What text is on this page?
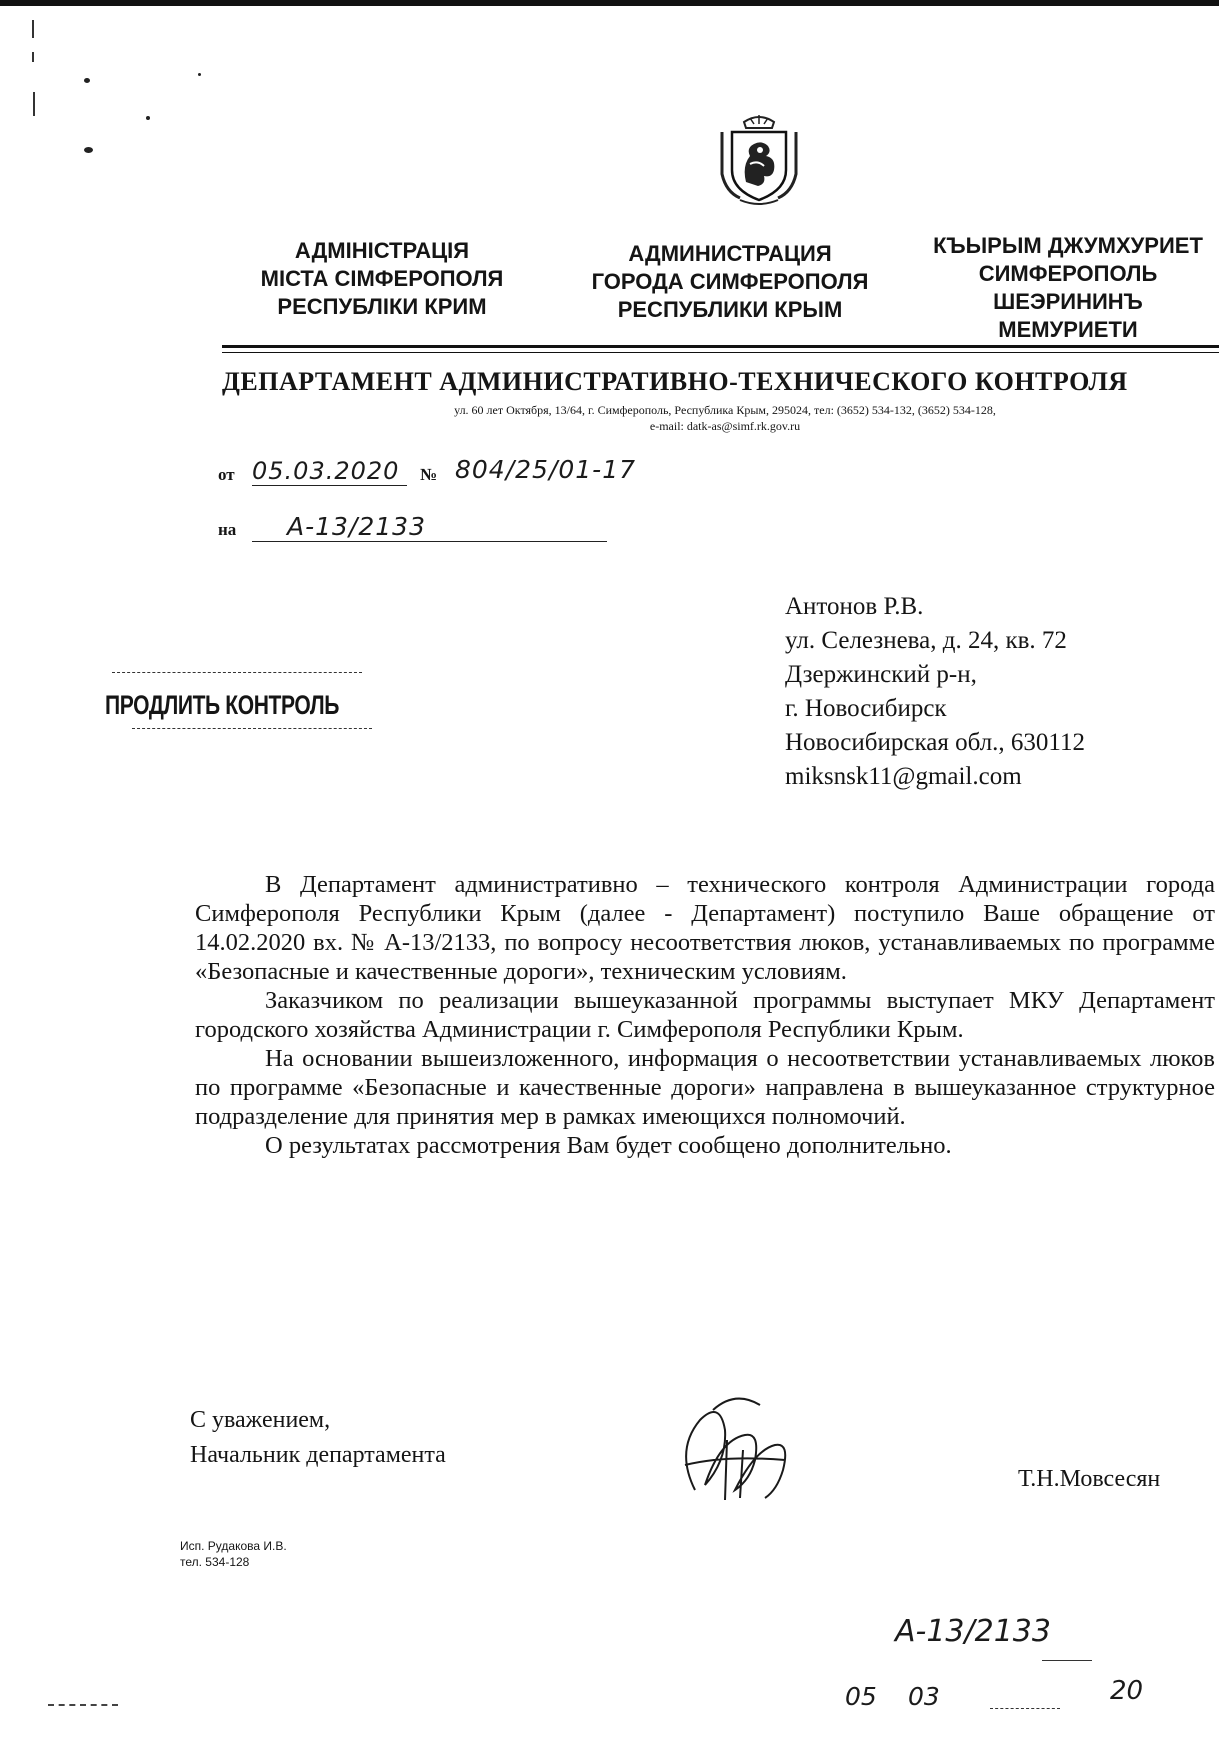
АДМІНІСТРАЦІЯ
МІСТА СІМФЕРОПОЛЯ
РЕСПУБЛІКИ КРИМ
АДМИНИСТРАЦИЯ
ГОРОДА СИМФЕРОПОЛЯ
РЕСПУБЛИКИ КРЫМ
КЪЫРЫМ ДЖУМХУРИЕТ
СИМФЕРОПОЛЬ
ШЕЭРИНИНЪ
МЕМУРИЕТИ
ДЕПАРТАМЕНТ АДМИНИСТРАТИВНО-ТЕХНИЧЕСКОГО КОНТРОЛЯ
ул. 60 лет Октября, 13/64, г. Симферополь, Республика Крым, 295024, тел: (3652) 534-132, (3652) 534-128,
e-mail: datk-as@simf.rk.gov.ru
от 05.03.2020	№ 804/25/01-17
на	А-13/2133
Антонов Р.В.
ул. Селезнева, д. 24, кв. 72
Дзержинский р-н,
г. Новосибирск
Новосибирская обл., 630112
miksnsk11@gmail.com
ПРОДЛИТЬ КОНТРОЛЬ

В Департамент административно – технического контроля Администрации города Симферополя Республики Крым (далее - Департамент) поступило Ваше обращение от 14.02.2020 вх. № А-13/2133, по вопросу несоответствия люков, устанавливаемых по программе «Безопасные и качественные дороги», техническим условиям.

Заказчиком по реализации вышеуказанной программы выступает МКУ Департамент городского хозяйства Администрации г. Симферополя Республики Крым.

На основании вышеизложенного, информация о несоответствии устанавливаемых люков по программе «Безопасные и качественные дороги» направлена в вышеуказанное структурное подразделение для принятия мер в рамках имеющихся полномочий.

О результатах рассмотрения Вам будет сообщено дополнительно.

С уважением,
Начальник департамента
Т.Н.Мовсесян
Исп. Рудакова И.В.
тел. 534-128
А-13/2133
05 03	20
